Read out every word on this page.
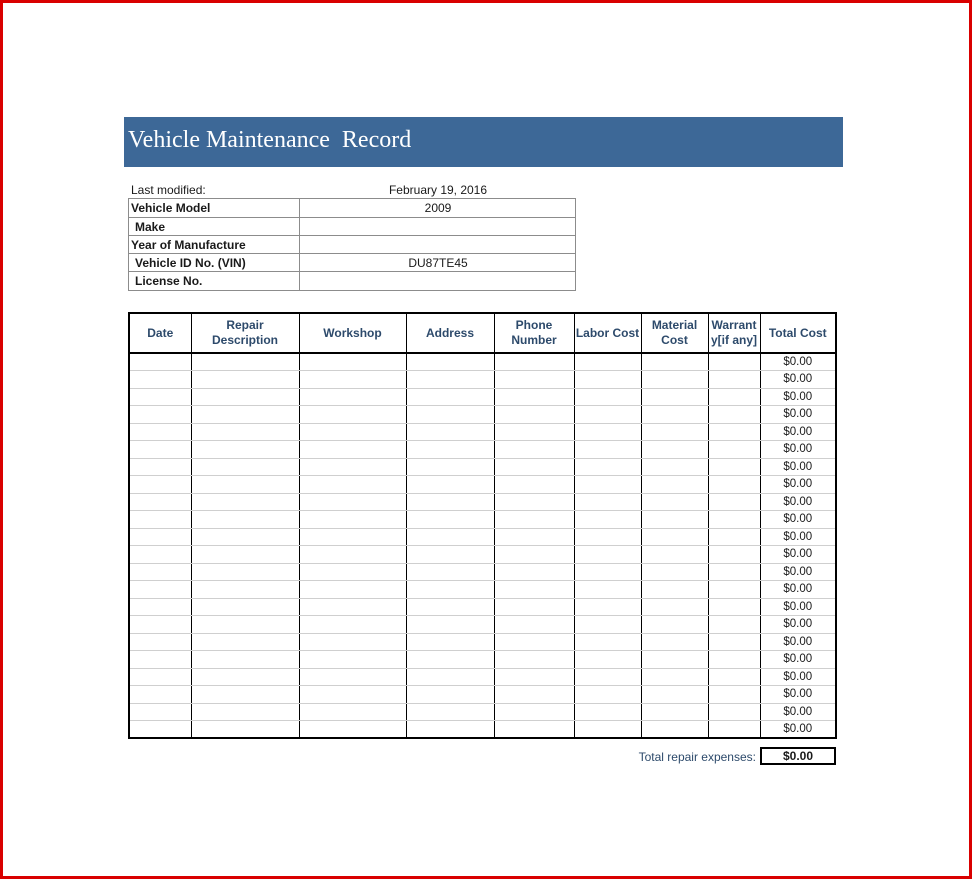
Vehicle Maintenance  Record
Last modified:	February 19, 2016
Vehicle Model	2009
Make
Year of Manufacture
Vehicle ID No. (VIN)	DU87TE45
License No.
Date	Repair Description	Workshop	Address	Phone Number	Labor Cost	Material Cost	Warrant y[if any]	Total Cost
								$0.00
								$0.00
								$0.00
								$0.00
								$0.00
								$0.00
								$0.00
								$0.00
								$0.00
								$0.00
								$0.00
								$0.00
								$0.00
								$0.00
								$0.00
								$0.00
								$0.00
								$0.00
								$0.00
								$0.00
								$0.00
								$0.00
Total repair expenses:	$0.00
